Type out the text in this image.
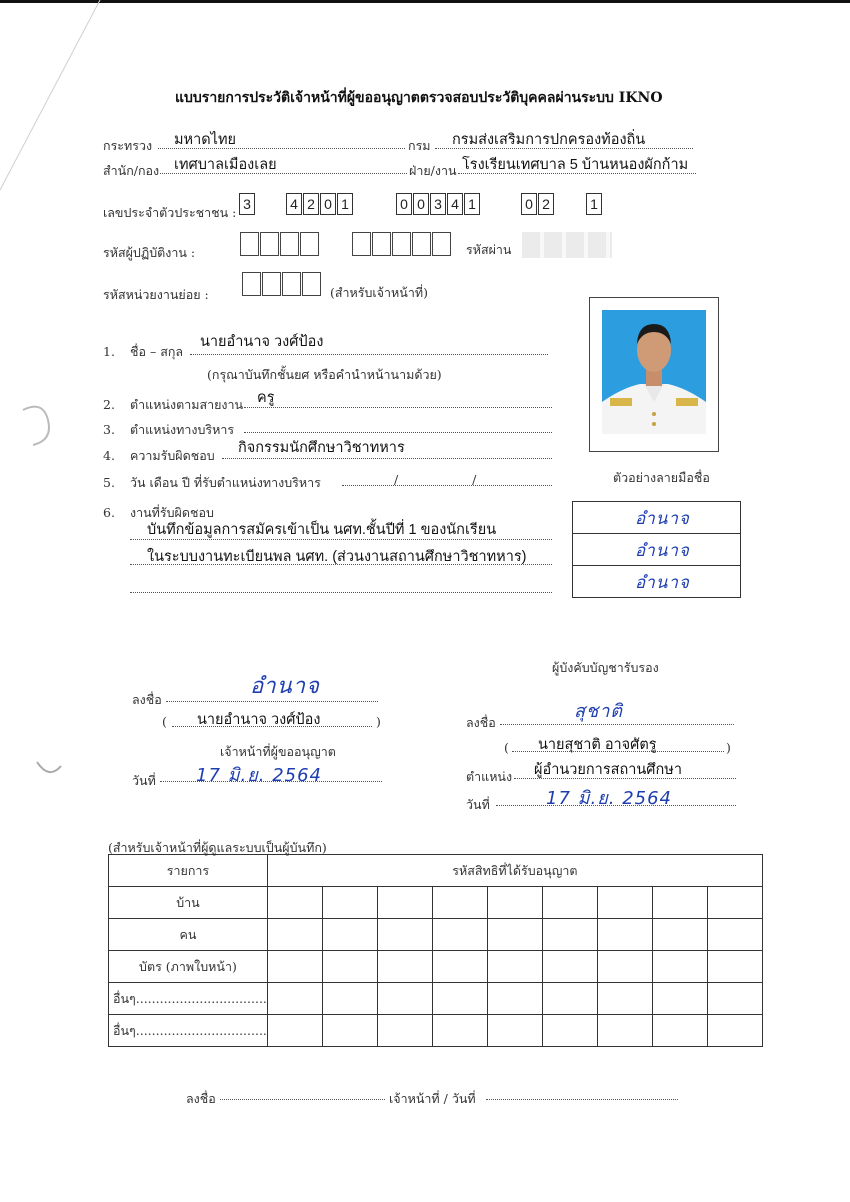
แบบรายการประวัติเจ้าหน้าที่ผู้ขออนุญาตตรวจสอบประวัติบุคคลผ่านระบบ IKNO
กระทรวง มหาดไทย	กรม กรมส่งเสริมการปกครองท้องถิ่น
สำนัก/กอง เทศบาลเมืองเลย	ฝ่าย/งาน โรงเรียนเทศบาล 5 บ้านหนองผักก้าม
เลขประจำตัวประชาชน :
3	4 2 0 1	0 0 3 4 1	0 2	1
รหัสผู้ปฏิบัติงาน :	รหัสผ่าน
รหัสหน่วยงานย่อย :	(สำหรับเจ้าหน้าที่)
1. ชื่อ – สกุล
นายอำนาจ วงศ์ป้อง
(กรุณาบันทึกชั้นยศ หรือคำนำหน้านามด้วย)
2. ตำแหน่งตามสายงาน ครู
3. ตำแหน่งทางบริหาร
4. ความรับผิดชอบ กิจกรรมนักศึกษาวิชาทหาร
5. วัน เดือน ปี ที่รับตำแหน่งทางบริหาร	/ /
6. งานที่รับผิดชอบ
บันทึกข้อมูลการสมัครเข้าเป็น นศท.ชั้นปีที่ 1 ของนักเรียน
ในระบบงานทะเบียนพล นศท. (ส่วนงานสถานศึกษาวิชาทหาร)
ตัวอย่างลายมือชื่อ
อำนาจ
อำนาจ
อำนาจ
ลงชื่อ
อำนาจ
( นายอำนาจ วงศ์ป้อง	)
เจ้าหน้าที่ผู้ขออนุญาต
วันที่ 17 มิ.ย. 2564
ผู้บังคับบัญชารับรอง
ลงชื่อ
สุชาติ
( นายสุชาติ อาจศัตรู	)
ตำแหน่ง ผู้อำนวยการสถานศึกษา
วันที่	17 มิ.ย. 2564
(สำหรับเจ้าหน้าที่ผู้ดูแลระบบเป็นผู้บันทึก)
รายการ	รหัสสิทธิที่ได้รับอนุญาต								
บ้าน									
คน									
บัตร (ภาพใบหน้า)									
อื่นๆ.................................									
อื่นๆ.................................									
ลงชื่อ	เจ้าหน้าที่ / วันที่
